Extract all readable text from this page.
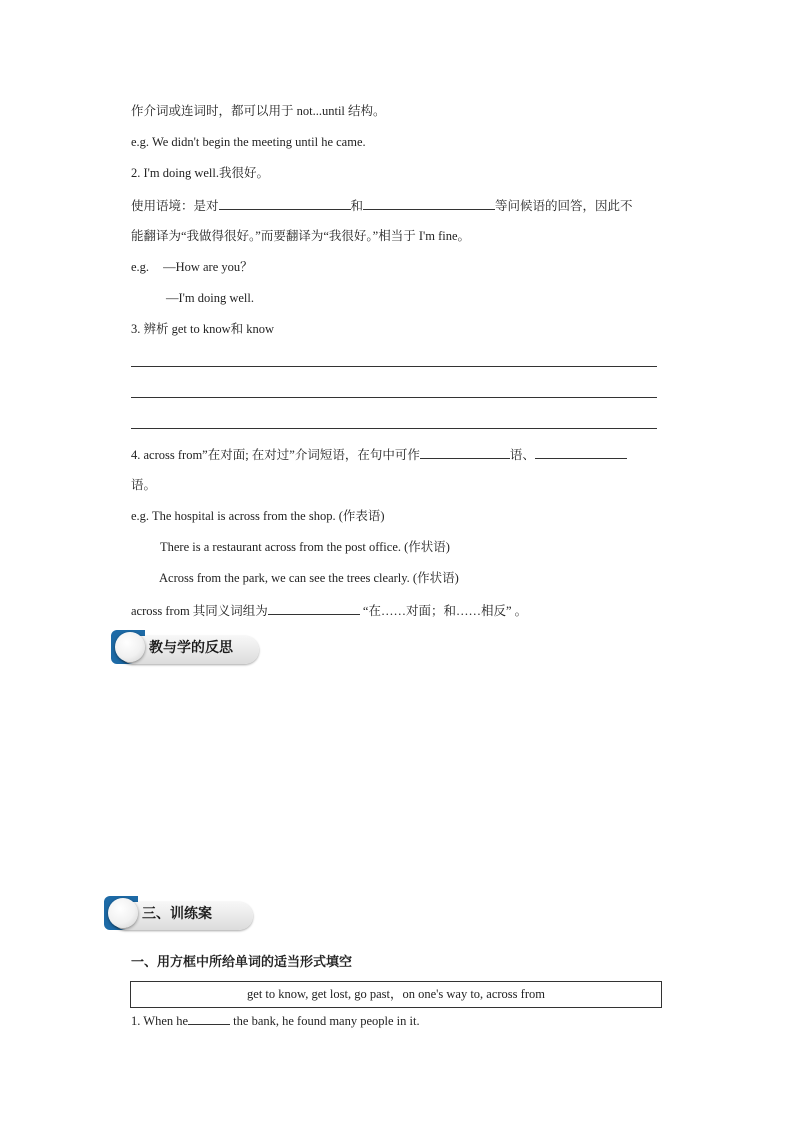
作介词或连词时，都可以用于 not...until 结构。
e.g. We didn't begin the meeting until he came.
2. I'm doing well.我很好。
使用语境：是对	和	等问候语的回答，因此不
能翻译为“我做得很好。”而要翻译为“我很好。”相当于 I'm fine。
e.g. —How are you？
—I'm doing well.
3. 辨析 get to know和 know
4. across from”在对面; 在对过”介词短语，在句中可作	语、
语。
e.g. The hospital is across from the shop. (作表语)
There is a restaurant across from the post office. (作状语)
Across from the park, we can see the trees clearly. (作状语)
across from 其同义词组为	“在……对面；和……相反” 。
教与学的反思
三、训练案
一、用方框中所给单词的适当形式填空
get to know, get lost, go past，on one's way to, across from
1. When he	the bank, he found many people in it.
